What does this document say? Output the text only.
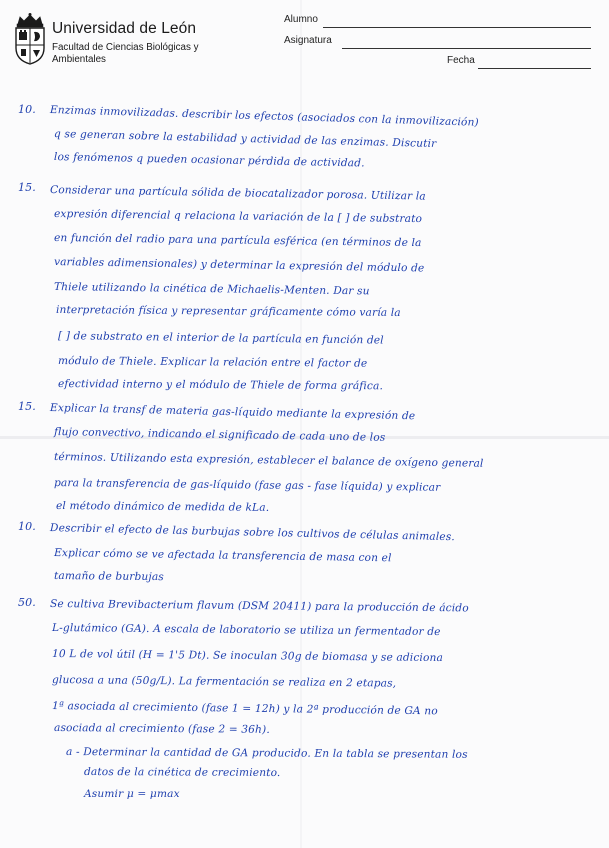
Universidad de León
Facultad de Ciencias Biológicas y
Ambientales
Alumno
Asignatura
Fecha
10. Enzimas inmovilizadas. describir los efectos (asociados con la inmovilización)
q se generan sobre la estabilidad y actividad de las enzimas. Discutir
los fenómenos q pueden ocasionar pérdida de actividad.
15. Considerar una partícula sólida de biocatalizador porosa. Utilizar la
expresión diferencial q relaciona la variación de la [ ] de substrato
en función del radio para una partícula esférica (en términos de la
variables adimensionales) y determinar la expresión del módulo de
Thiele utilizando la cinética de Michaelis-Menten. Dar su
interpretación física y representar gráficamente cómo varía la
[ ] de substrato en el interior de la partícula en función del
módulo de Thiele. Explicar la relación entre el factor de
efectividad interno y el módulo de Thiele de forma gráfica.
15. Explicar la transf de materia gas-líquido mediante la expresión de
flujo convectivo, indicando el significado de cada uno de los
términos. Utilizando esta expresión, establecer el balance de oxígeno general
para la transferencia de gas-líquido (fase gas - fase líquida) y explicar
el método dinámico de medida de kLa.
10. Describir el efecto de las burbujas sobre los cultivos de células animales.
Explicar cómo se ve afectada la transferencia de masa con el
tamaño de burbujas
50. Se cultiva Brevibacterium flavum (DSM 20411) para la producción de ácido
L-glutámico (GA). A escala de laboratorio se utiliza un fermentador de
10 L de vol útil (H = 1'5 Dt). Se inoculan 30g de biomasa y se adiciona
glucosa a una (50g/L). La fermentación se realiza en 2 etapas,
1ª asociada al crecimiento (fase 1 = 12h) y la 2ª producción de GA no
asociada al crecimiento (fase 2 = 36h).
a - Determinar la cantidad de GA producido. En la tabla se presentan los
datos de la cinética de crecimiento.
Asumir μ = μmax
